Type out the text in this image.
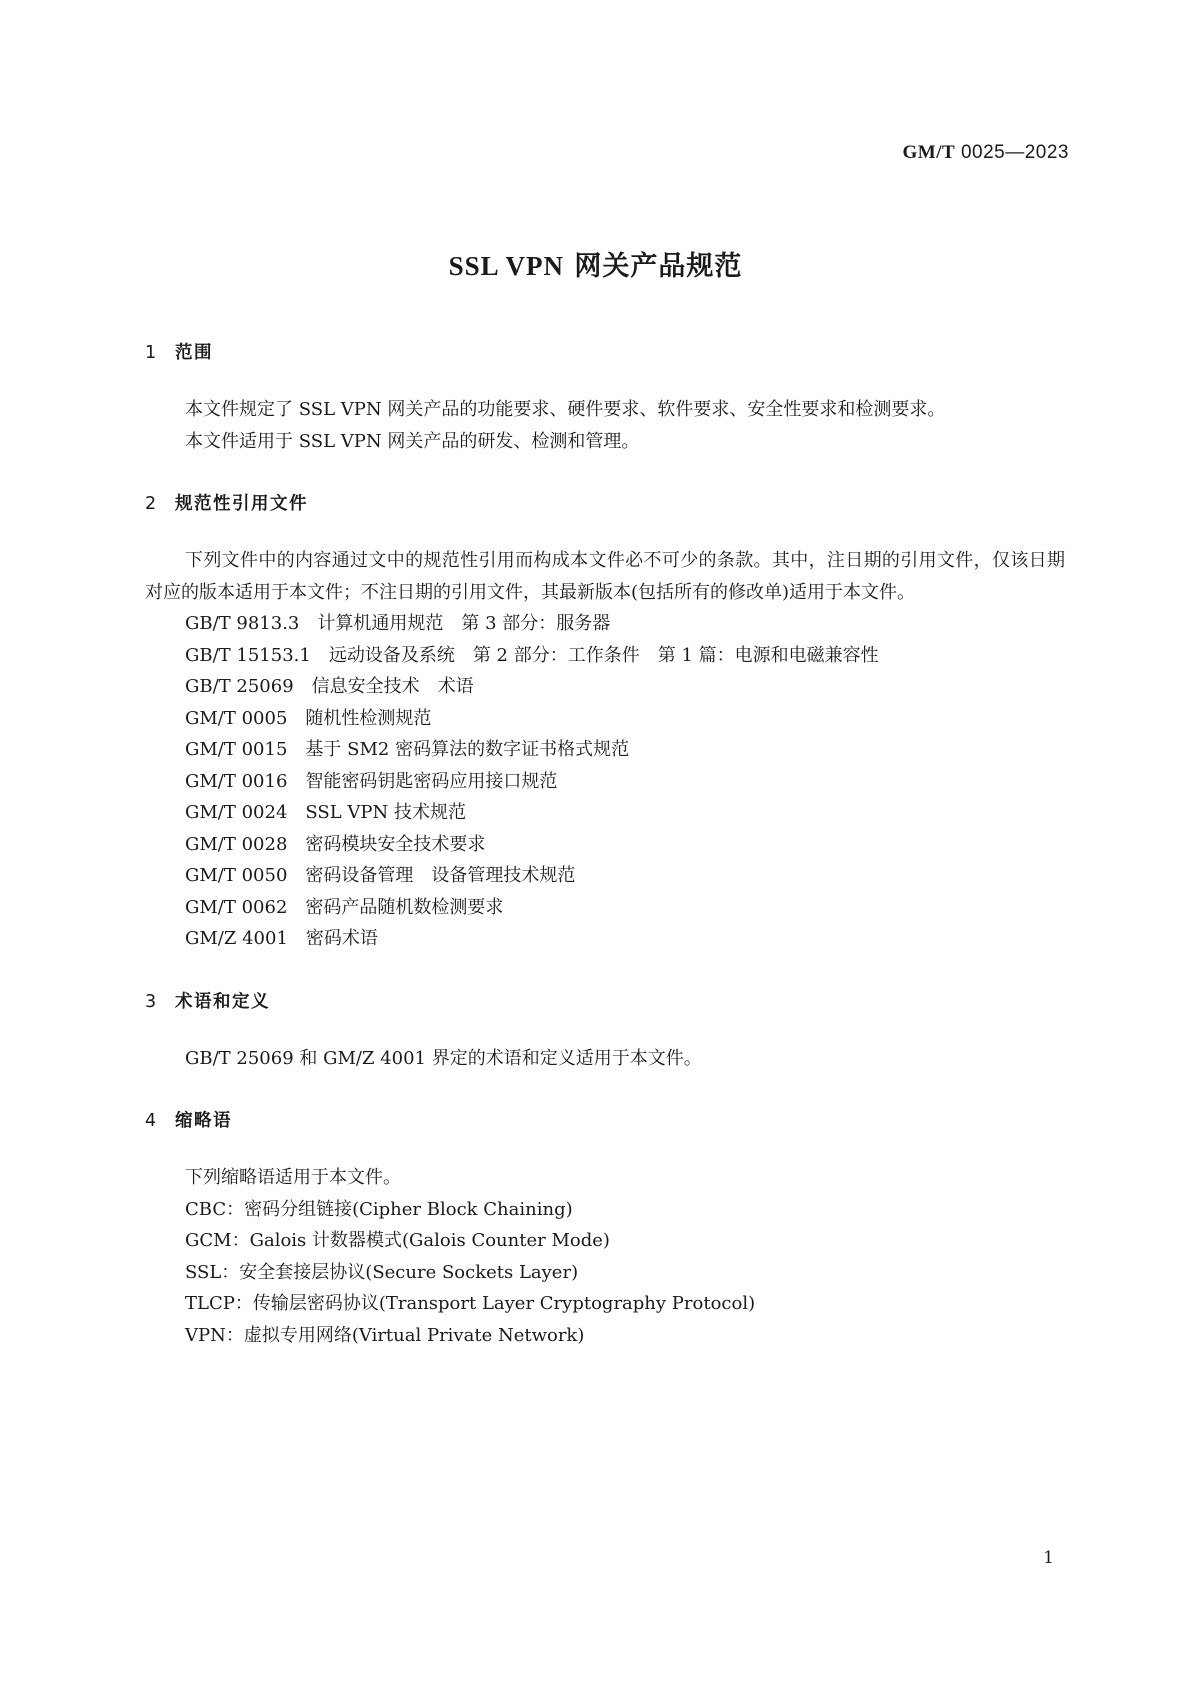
GM/T 0025—2023
SSL VPN 网关产品规范
1 范围

本文件规定了 SSL VPN 网关产品的功能要求、硬件要求、软件要求、安全性要求和检测要求。

本文件适用于 SSL VPN 网关产品的研发、检测和管理。

2 规范性引用文件

下列文件中的内容通过文中的规范性引用而构成本文件必不可少的条款。其中，注日期的引用文件，仅该日期对应的版本适用于本文件；不注日期的引用文件，其最新版本(包括所有的修改单)适用于本文件。

GB/T 9813.3　计算机通用规范　第 3 部分：服务器
GB/T 15153.1　远动设备及系统　第 2 部分：工作条件　第 1 篇：电源和电磁兼容性
GB/T 25069　信息安全技术　术语
GM/T 0005　随机性检测规范
GM/T 0015　基于 SM2 密码算法的数字证书格式规范
GM/T 0016　智能密码钥匙密码应用接口规范
GM/T 0024　SSL VPN 技术规范
GM/T 0028　密码模块安全技术要求
GM/T 0050　密码设备管理　设备管理技术规范
GM/T 0062　密码产品随机数检测要求
GM/Z 4001　密码术语
3 术语和定义

GB/T 25069 和 GM/Z 4001 界定的术语和定义适用于本文件。

4 缩略语

下列缩略语适用于本文件。

CBC：密码分组链接(Cipher Block Chaining)

GCM：Galois 计数器模式(Galois Counter Mode)

SSL：安全套接层协议(Secure Sockets Layer)

TLCP：传输层密码协议(Transport Layer Cryptography Protocol)

VPN：虚拟专用网络(Virtual Private Network)

1
